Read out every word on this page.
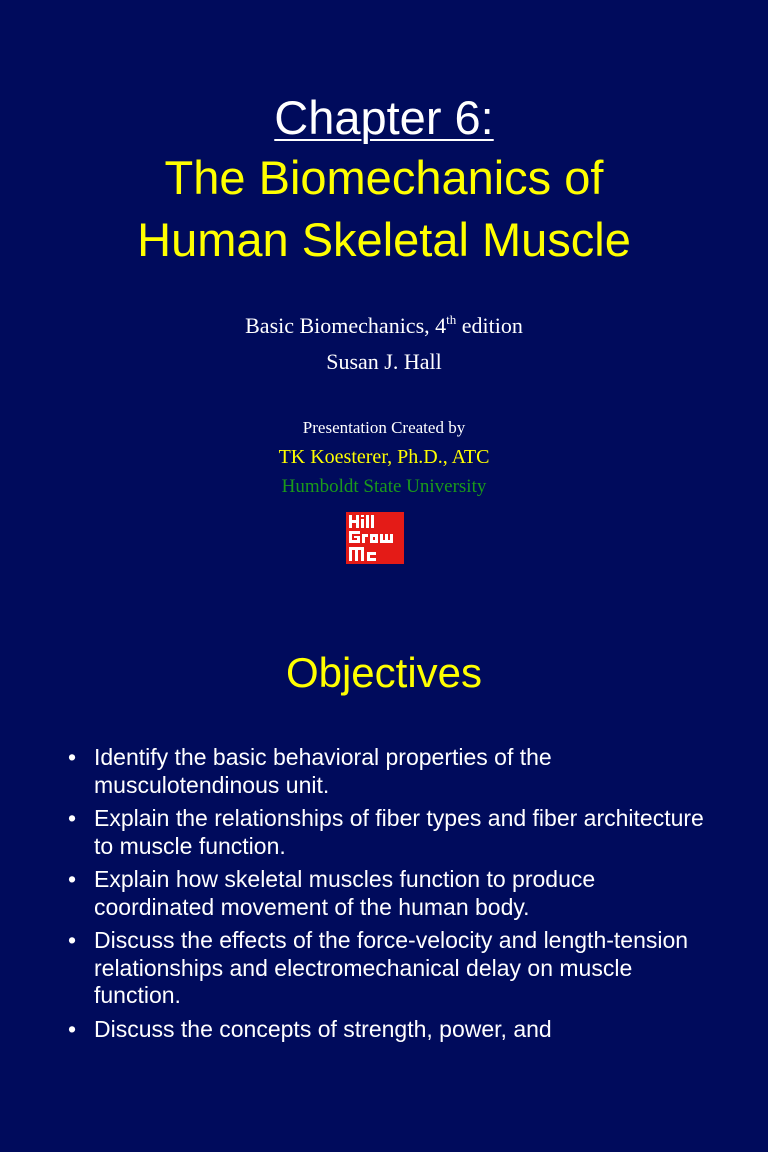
Chapter 6:
The Biomechanics of
Human Skeletal Muscle
Basic Biomechanics, 4th edition
Susan J. Hall
Presentation Created by
TK Koesterer, Ph.D., ATC
Humboldt State University
Objectives
• Identify the basic behavioral properties of the musculotendinous unit.
• Explain the relationships of fiber types and fiber architecture to muscle function.
• Explain how skeletal muscles function to produce coordinated movement of the human body.
• Discuss the effects of the force-velocity and length-tension relationships and electromechanical delay on muscle function.
• Discuss the concepts of strength, power, and
